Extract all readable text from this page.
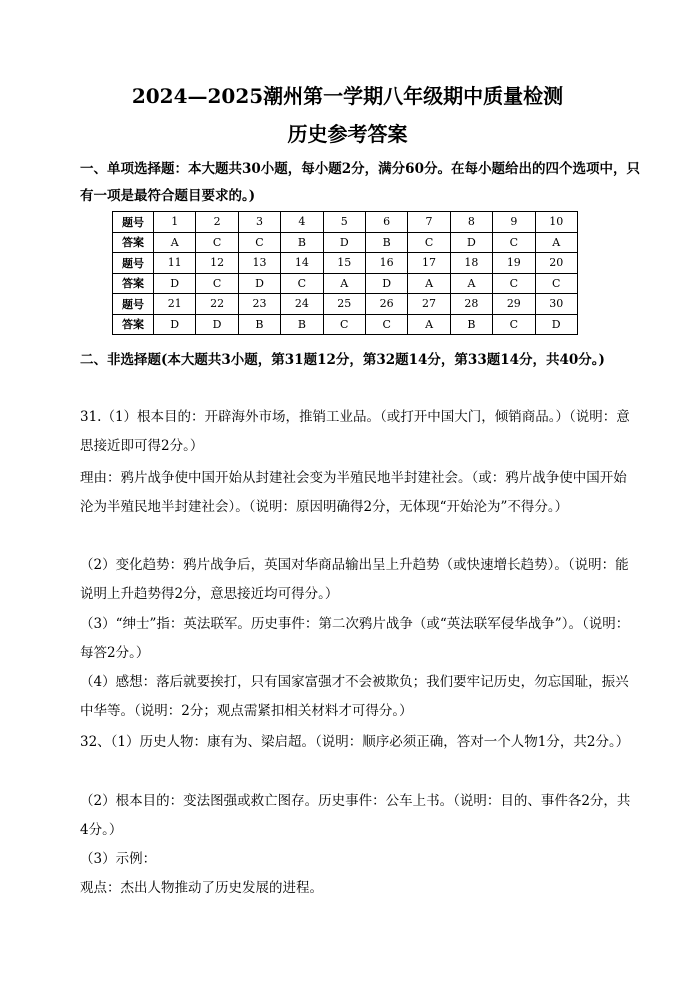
2024—2025潮州第一学期八年级期中质量检测
历史参考答案
一、单项选择题：本大题共30小题，每小题2分，满分60分。在每小题给出的四个选项中，只有一项是最符合题目要求的。)
题号	1	2	3	4	5	6	7	8	9	10
答案	A	C	C	B	D	B	C	D	C	A
题号	11	12	13	14	15	16	17	18	19	20
答案	D	C	D	C	A	D	A	A	C	C
题号	21	22	23	24	25	26	27	28	29	30
答案	D	D	B	B	C	C	A	B	C	D
二、非选择题(本大题共3小题，第31题12分，第32题14分，第33题14分，共40分。)
31.（1）根本目的：开辟海外市场，推销工业品。（或打开中国大门，倾销商品。）（说明：意思接近即可得2分。）
理由：鸦片战争使中国开始从封建社会变为半殖民地半封建社会。（或：鸦片战争使中国开始沦为半殖民地半封建社会）。（说明：原因明确得2分，无体现“开始沦为”不得分。）
（2）变化趋势：鸦片战争后，英国对华商品输出呈上升趋势（或快速增长趋势）。（说明：能说明上升趋势得2分，意思接近均可得分。）
（3）“绅士”指：英法联军。历史事件：第二次鸦片战争（或“英法联军侵华战争”）。（说明：每答2分。）
（4）感想：落后就要挨打，只有国家富强才不会被欺负；我们要牢记历史，勿忘国耻，振兴中华等。（说明：2分；观点需紧扣相关材料才可得分。）
32、（1）历史人物：康有为、梁启超。（说明：顺序必须正确，答对一个人物1分，共2分。）
（2）根本目的：变法图强或救亡图存。历史事件：公车上书。（说明：目的、事件各2分，共4分。）
（3）示例：
观点：杰出人物推动了历史发展的进程。
